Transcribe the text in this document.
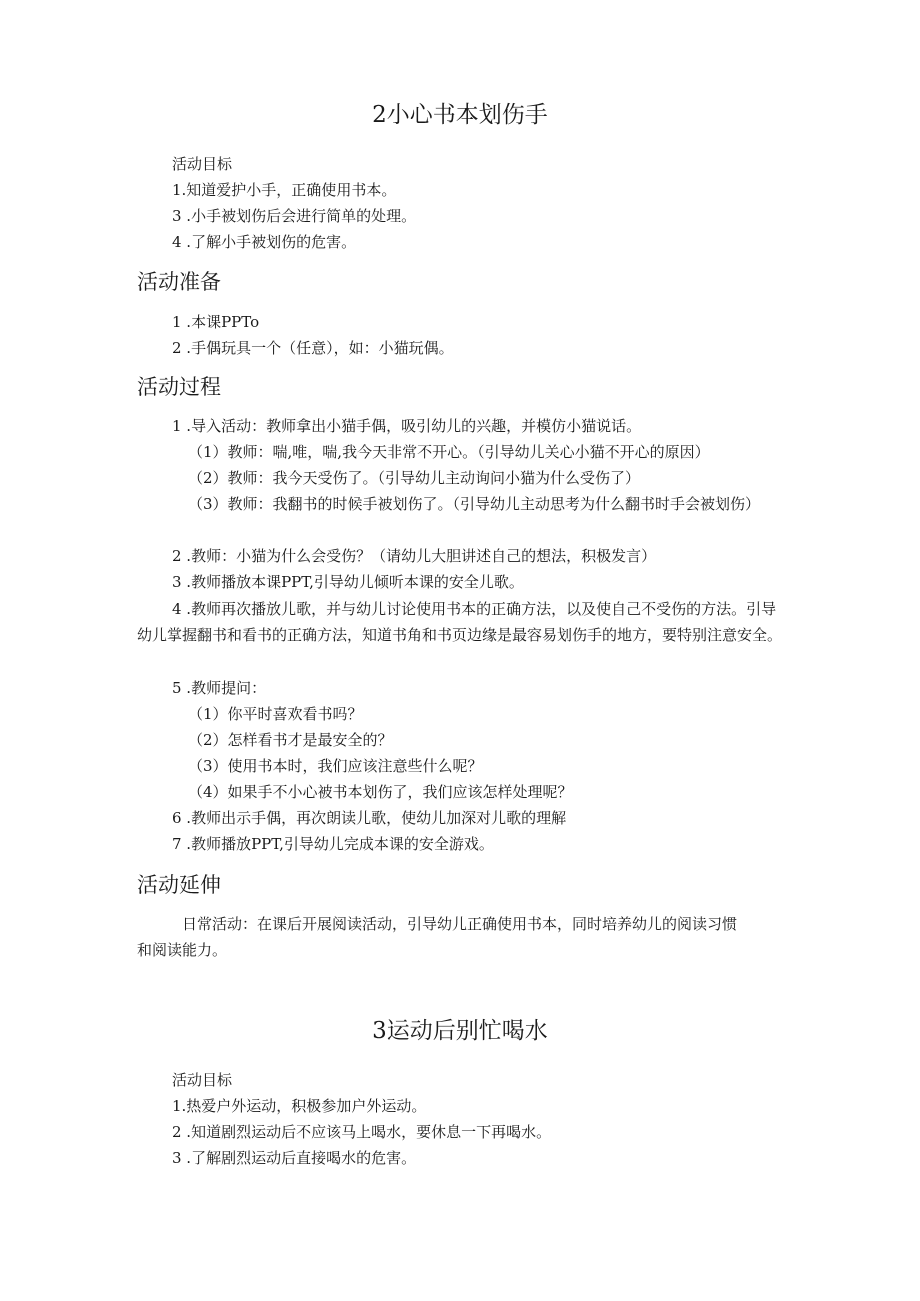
2小心书本划伤手

活动目标

1.知道爱护小手，正确使用书本。

3 .小手被划伤后会进行简单的处理。

4 .了解小手被划伤的危害。

活动准备

1 .本课PPTo

2 .手偶玩具一个（任意），如：小猫玩偶。

活动过程

1 .导入活动：教师拿出小猫手偶，吸引幼儿的兴趣，并模仿小猫说话。

（1）教师：喘,唯，喘,我今天非常不开心。（引导幼儿关心小猫不开心的原因）

（2）教师：我今天受伤了。（引导幼儿主动询问小猫为什么受伤了）

（3）教师：我翻书的时候手被划伤了。（引导幼儿主动思考为什么翻书时手会被划伤）

2 .教师：小猫为什么会受伤？（请幼儿大胆讲述自己的想法，积极发言）

3 .教师播放本课PPT,引导幼儿倾听本课的安全儿歌。

4 .教师再次播放儿歌，并与幼儿讨论使用书本的正确方法，以及使自己不受伤的方法。引导幼儿掌握翻书和看书的正确方法，知道书角和书页边缘是最容易划伤手的地方，要特别注意安全。

5 .教师提问：

（1）你平时喜欢看书吗？

（2）怎样看书才是最安全的？

（3）使用书本时，我们应该注意些什么呢？

（4）如果手不小心被书本划伤了，我们应该怎样处理呢？

6 .教师出示手偶，再次朗读儿歌，使幼儿加深对儿歌的理解

7 .教师播放PPT,引导幼儿完成本课的安全游戏。

活动延伸

日常活动：在课后开展阅读活动，引导幼儿正确使用书本，同时培养幼儿的阅读习惯和阅读能力。

3运动后别忙喝水

活动目标

1.热爱户外运动，积极参加户外运动。

2 .知道剧烈运动后不应该马上喝水，要休息一下再喝水。

3 .了解剧烈运动后直接喝水的危害。
